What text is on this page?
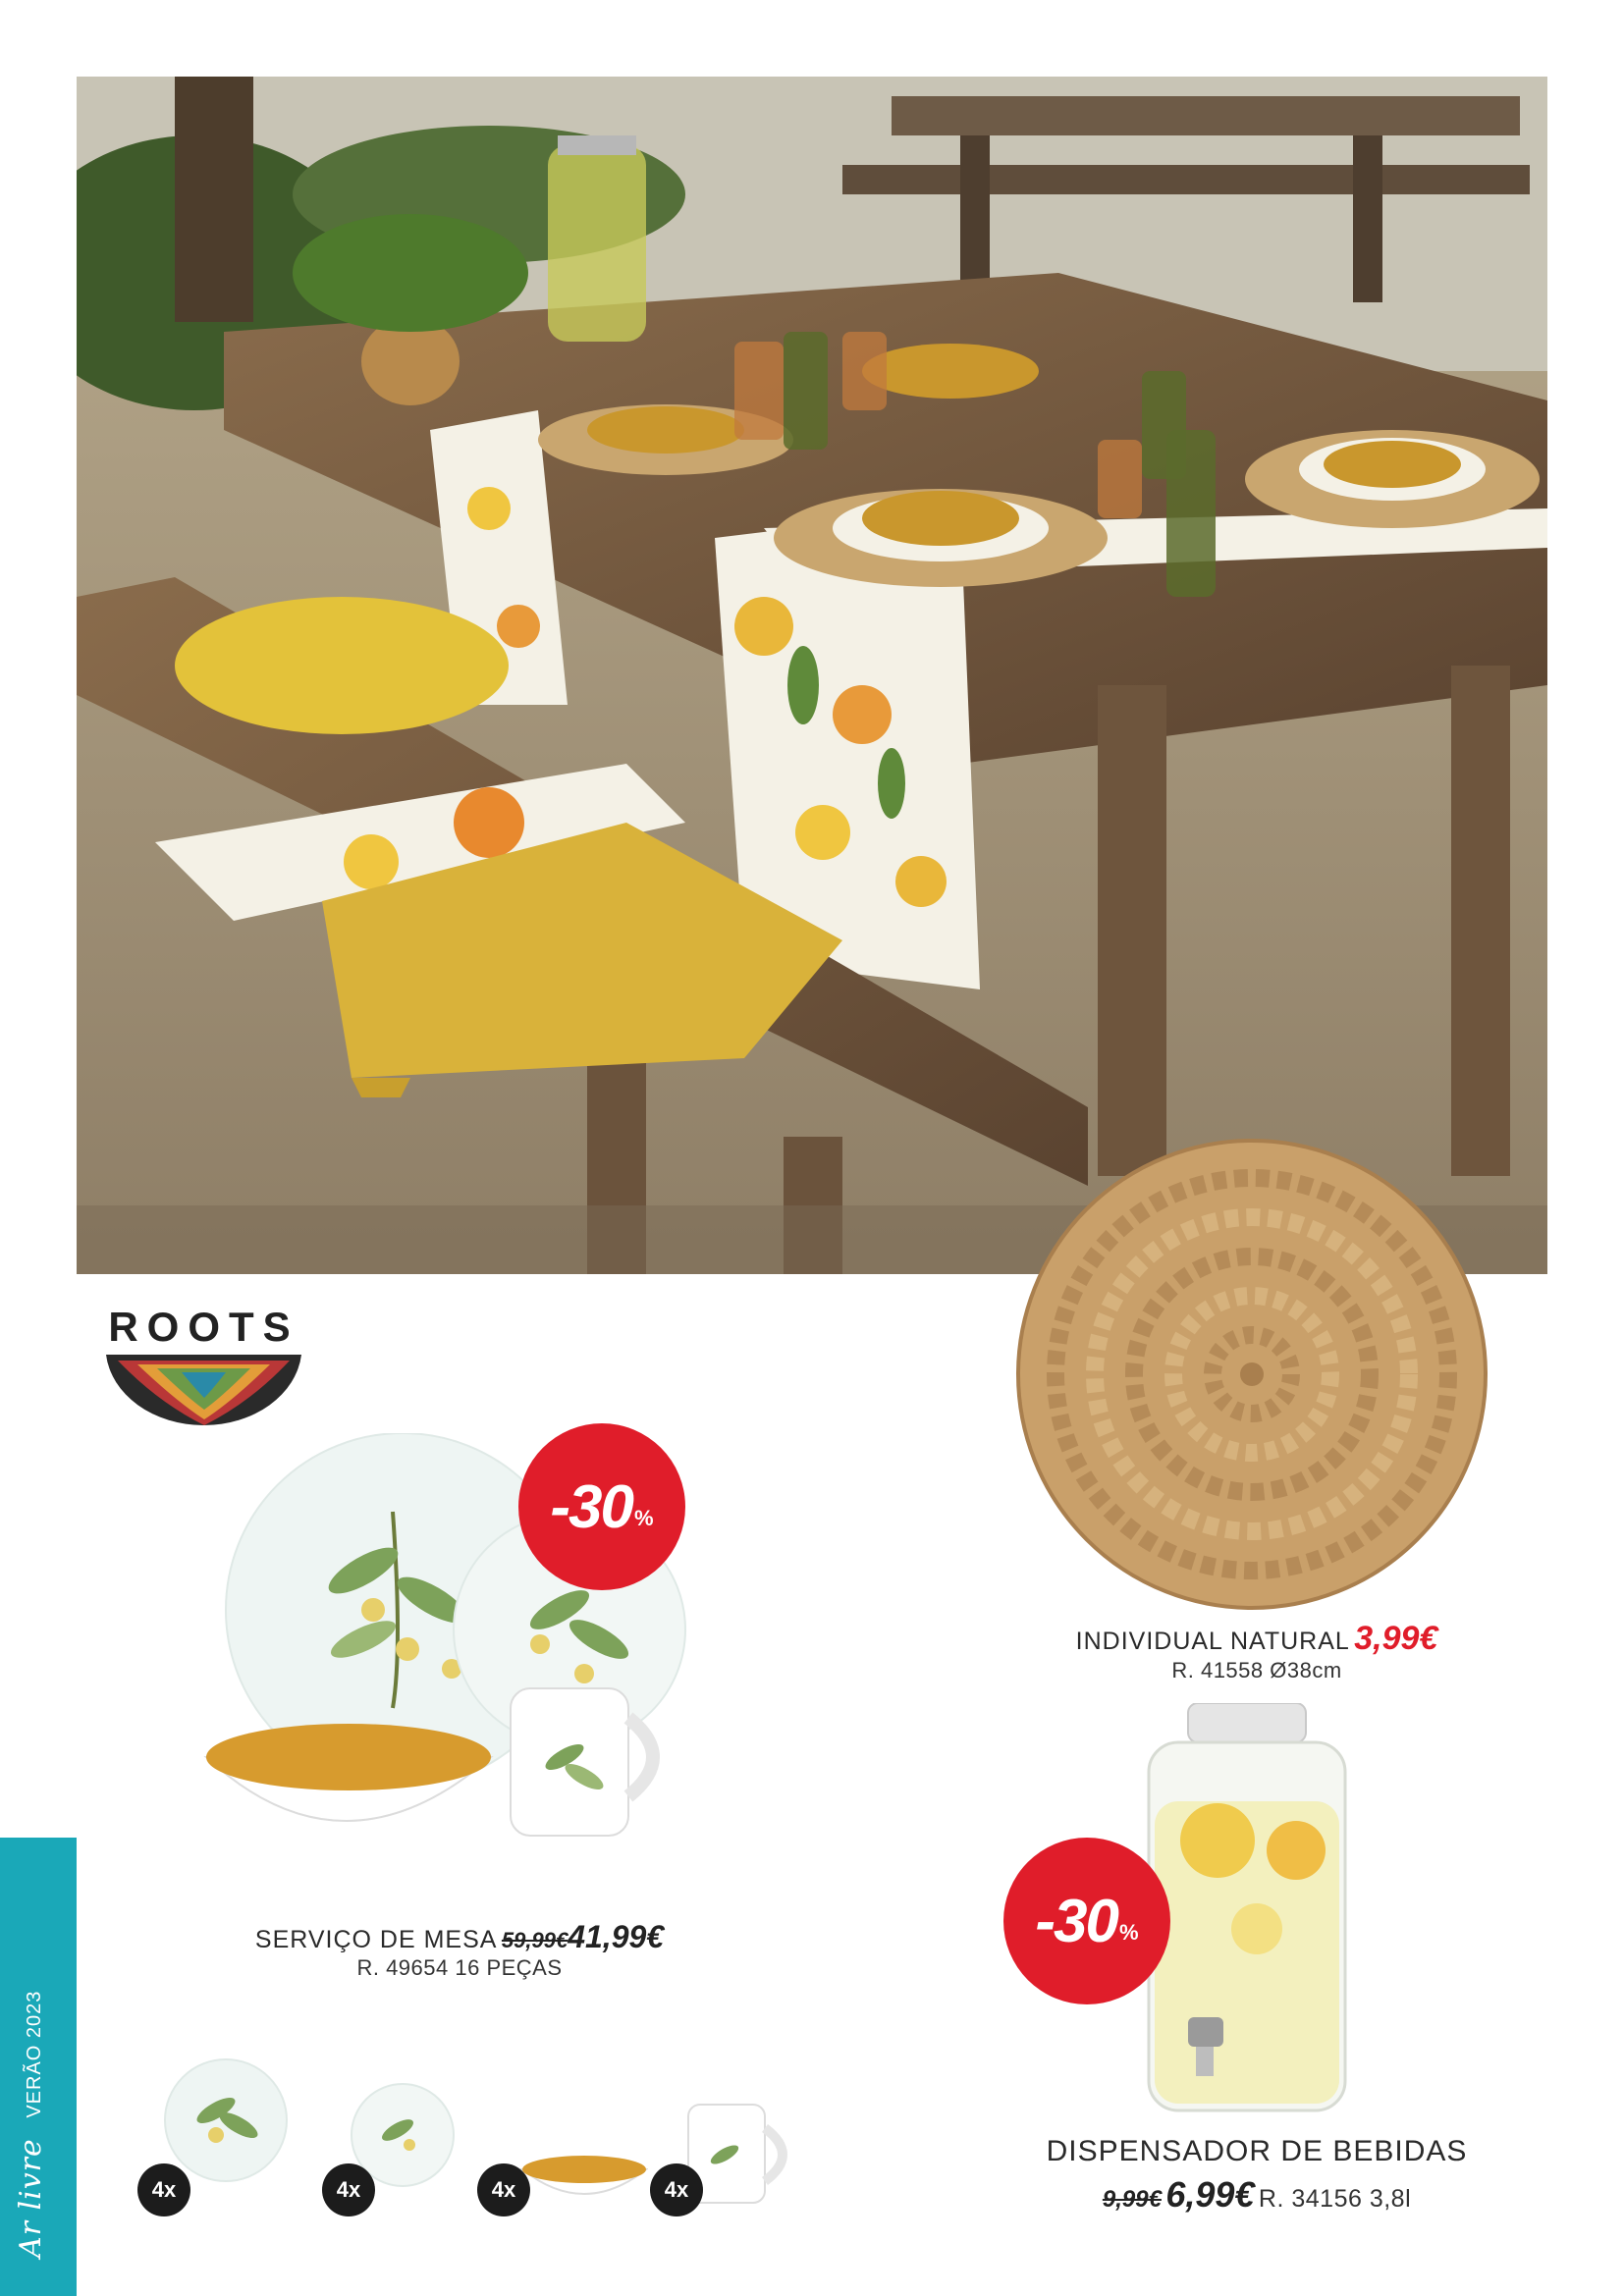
Ar livre VERÃO 2023
ROOTS
-30 %
SERVIÇO DE MESA 59,99€41,99€
R. 49654 16 PEÇAS
4x	4x	4x	4x
INDIVIDUAL NATURAL 3,99€
R. 41558 Ø38cm
-30 %
DISPENSADOR DE BEBIDAS
9,99€ 6,99€ R. 34156 3,8l
